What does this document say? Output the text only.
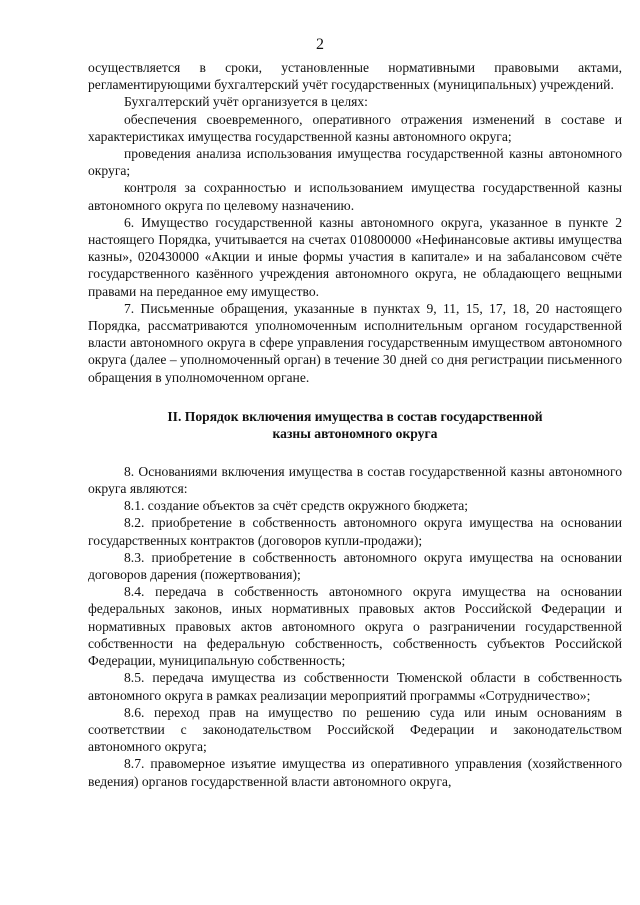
2

осуществляется в сроки, установленные нормативными правовыми актами, регламентирующими бухгалтерский учёт государственных (муниципальных) учреждений.

Бухгалтерский учёт организуется в целях:

обеспечения своевременного, оперативного отражения изменений в составе и характеристиках имущества государственной казны автономного округа;

проведения анализа использования имущества государственной казны автономного округа;

контроля за сохранностью и использованием имущества государственной казны автономного округа по целевому назначению.

6. Имущество государственной казны автономного округа, указанное в пункте 2 настоящего Порядка, учитывается на счетах 010800000 «Нефинансовые активы имущества казны», 020430000 «Акции и иные формы участия в капитале» и на забалансовом счёте государственного казённого учреждения автономного округа, не обладающего вещными правами на переданное ему имущество.

7. Письменные обращения, указанные в пунктах 9, 11, 15, 17, 18, 20 настоящего Порядка, рассматриваются уполномоченным исполнительным органом государственной власти автономного округа в сфере управления государственным имуществом автономного округа (далее – уполномоченный орган) в течение 30 дней со дня регистрации письменного обращения в уполномоченном органе.

II. Порядок включения имущества в состав государственной
казны автономного округа

8. Основаниями включения имущества в состав государственной казны автономного округа являются:

8.1. создание объектов за счёт средств окружного бюджета;

8.2. приобретение в собственность автономного округа имущества на основании государственных контрактов (договоров купли-продажи);

8.3. приобретение в собственность автономного округа имущества на основании договоров дарения (пожертвования);

8.4. передача в собственность автономного округа имущества на основании федеральных законов, иных нормативных правовых актов Российской Федерации и нормативных правовых актов автономного округа о разграничении государственной собственности на федеральную собственность, собственность субъектов Российской Федерации, муниципальную собственность;

8.5. передача имущества из собственности Тюменской области в собственность автономного округа в рамках реализации мероприятий программы «Сотрудничество»;

8.6. переход прав на имущество по решению суда или иным основаниям в соответствии с законодательством Российской Федерации и законодательством автономного округа;

8.7. правомерное изъятие имущества из оперативного управления (хозяйственного ведения) органов государственной власти автономного округа,
